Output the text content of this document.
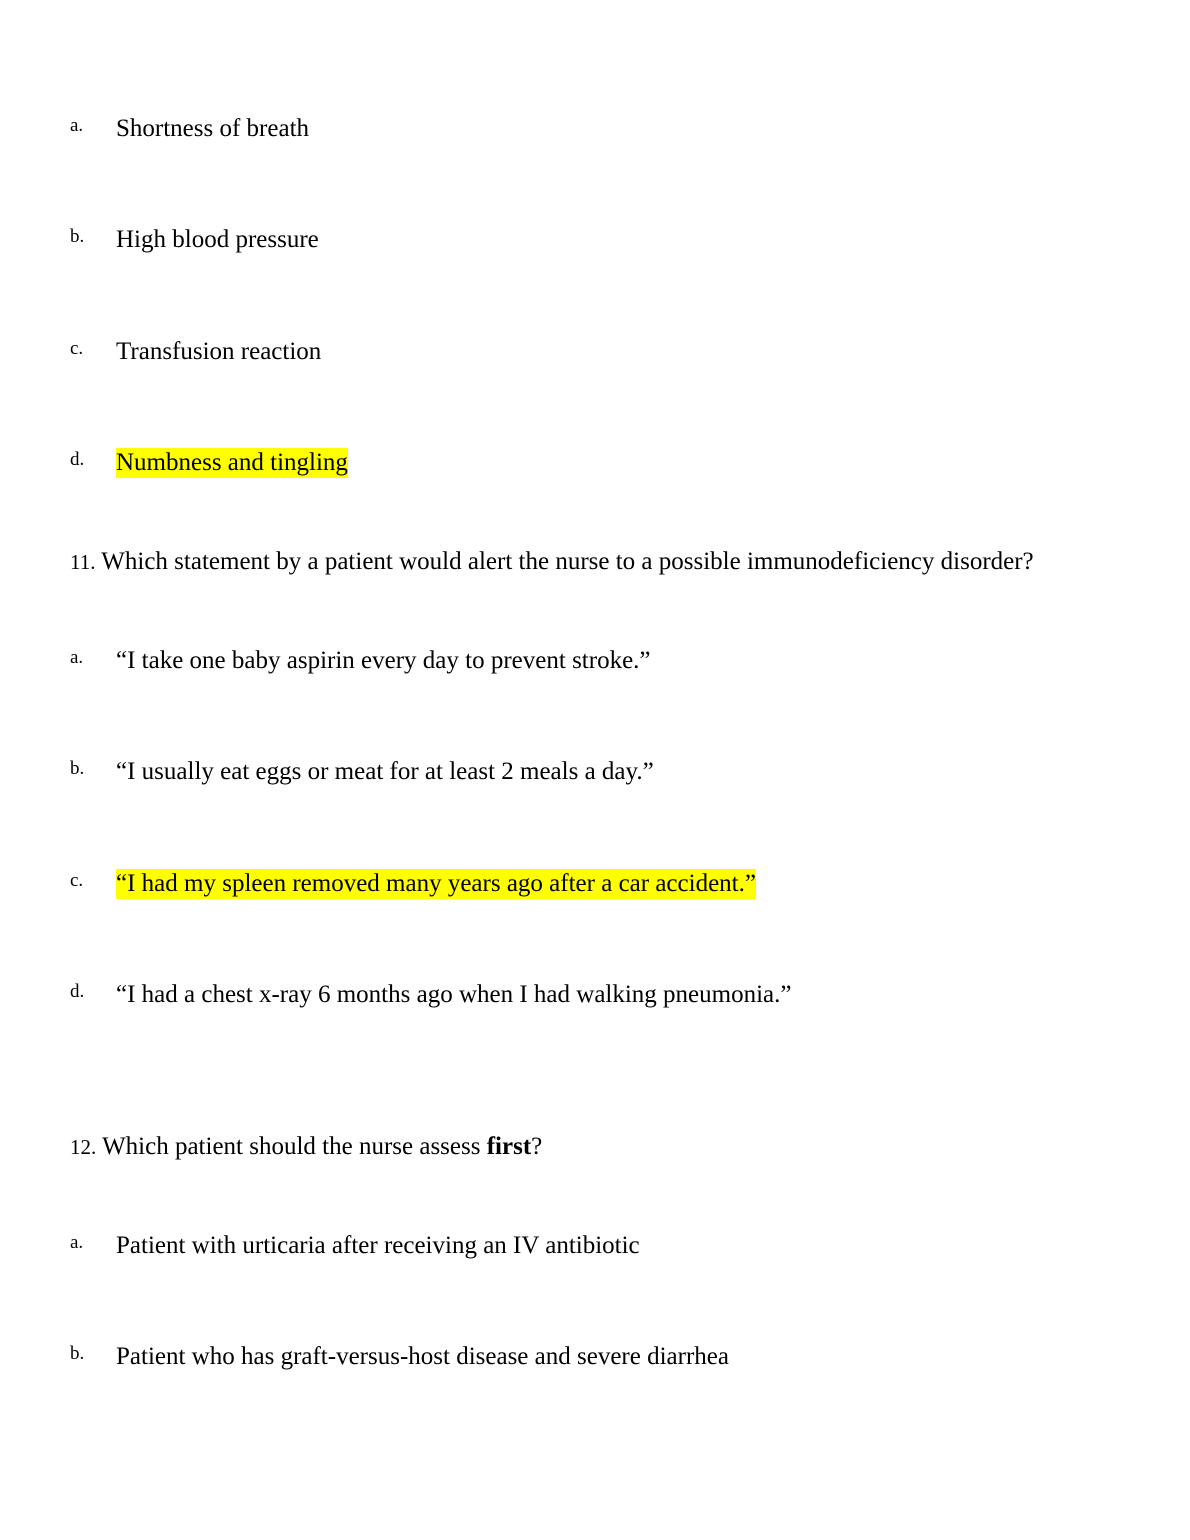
a. Shortness of breath
b. High blood pressure
c. Transfusion reaction
d. Numbness and tingling
11. Which statement by a patient would alert the nurse to a possible immunodeficiency disorder?
a. “I take one baby aspirin every day to prevent stroke.”
b. “I usually eat eggs or meat for at least 2 meals a day.”
c. “I had my spleen removed many years ago after a car accident.”
d. “I had a chest x-ray 6 months ago when I had walking pneumonia.”
12. Which patient should the nurse assess first?
a. Patient with urticaria after receiving an IV antibiotic
b. Patient who has graft-versus-host disease and severe diarrhea
